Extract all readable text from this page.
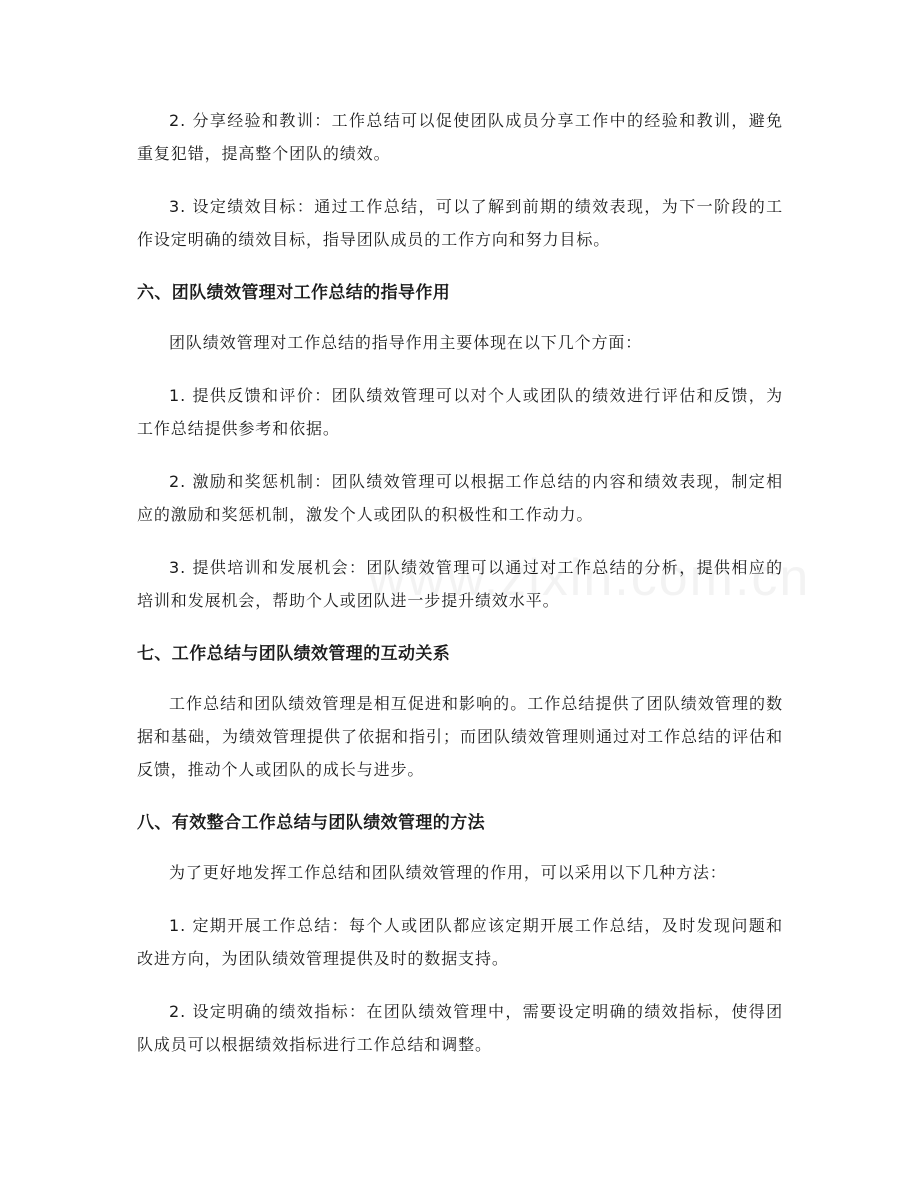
2. 分享经验和教训：工作总结可以促使团队成员分享工作中的经验和教训，避免重复犯错，提高整个团队的绩效。

3. 设定绩效目标：通过工作总结，可以了解到前期的绩效表现，为下一阶段的工作设定明确的绩效目标，指导团队成员的工作方向和努力目标。

六、团队绩效管理对工作总结的指导作用

团队绩效管理对工作总结的指导作用主要体现在以下几个方面：

1. 提供反馈和评价：团队绩效管理可以对个人或团队的绩效进行评估和反馈，为工作总结提供参考和依据。

2. 激励和奖惩机制：团队绩效管理可以根据工作总结的内容和绩效表现，制定相应的激励和奖惩机制，激发个人或团队的积极性和工作动力。

3. 提供培训和发展机会：团队绩效管理可以通过对工作总结的分析，提供相应的培训和发展机会，帮助个人或团队进一步提升绩效水平。

七、工作总结与团队绩效管理的互动关系

工作总结和团队绩效管理是相互促进和影响的。工作总结提供了团队绩效管理的数据和基础，为绩效管理提供了依据和指引；而团队绩效管理则通过对工作总结的评估和反馈，推动个人或团队的成长与进步。

八、有效整合工作总结与团队绩效管理的方法

为了更好地发挥工作总结和团队绩效管理的作用，可以采用以下几种方法：

1. 定期开展工作总结：每个人或团队都应该定期开展工作总结，及时发现问题和改进方向，为团队绩效管理提供及时的数据支持。

2. 设定明确的绩效指标：在团队绩效管理中，需要设定明确的绩效指标，使得团队成员可以根据绩效指标进行工作总结和调整。
